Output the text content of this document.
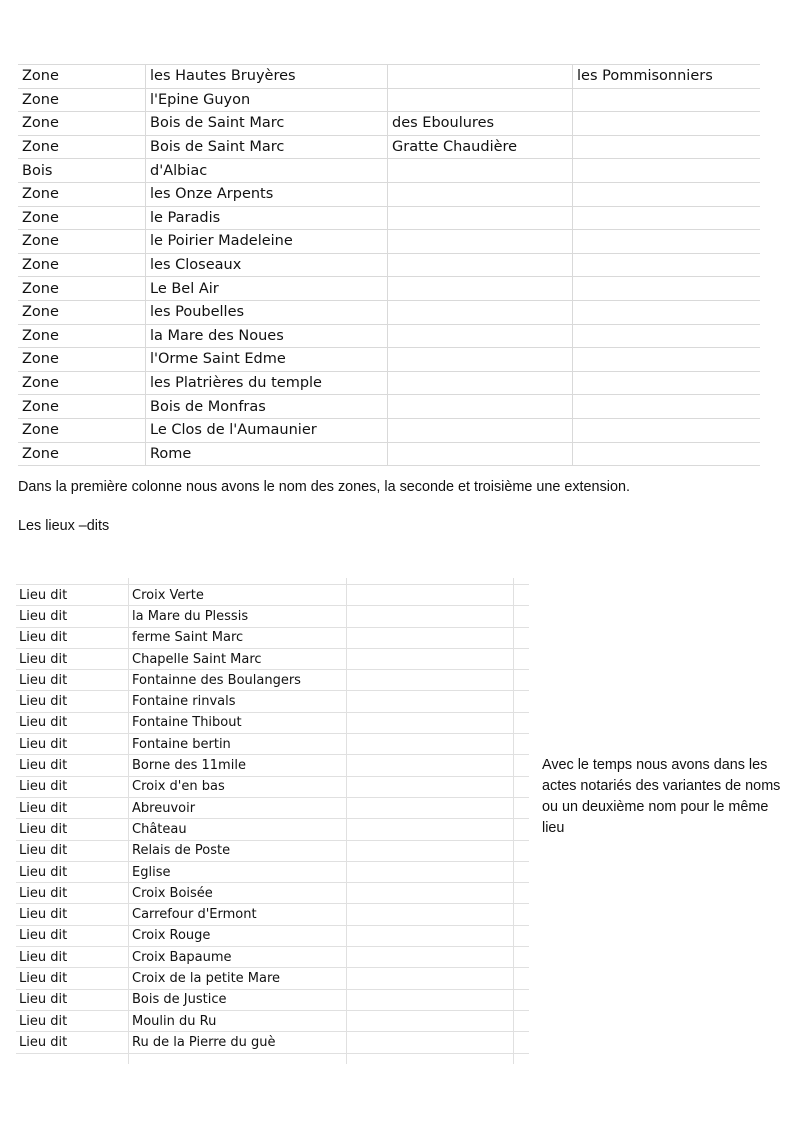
Zone	les Hautes Bruyères		les Pommisonniers
Zone	l'Epine Guyon		
Zone	Bois de Saint Marc	des Eboulures	
Zone	Bois de Saint Marc	Gratte Chaudière	
Bois	d'Albiac		
Zone	les Onze Arpents		
Zone	le Paradis		
Zone	le Poirier Madeleine		
Zone	les Closeaux		
Zone	Le Bel Air		
Zone	les Poubelles		
Zone	la Mare des Noues		
Zone	l'Orme Saint Edme		
Zone	les Platrières du temple		
Zone	Bois de Monfras		
Zone	Le Clos de l'Aumaunier		
Zone	Rome		
Dans la première colonne nous avons le nom des zones, la seconde et troisième une extension.
Les lieux –dits

Lieu dit	Croix Verte		
Lieu dit	la Mare du Plessis		
Lieu dit	ferme Saint Marc		
Lieu dit	Chapelle Saint Marc		
Lieu dit	Fontainne des Boulangers		
Lieu dit	Fontaine rinvals		
Lieu dit	Fontaine Thibout		
Lieu dit	Fontaine bertin		
Lieu dit	Borne des 11mile		
Lieu dit	Croix d'en bas		
Lieu dit	Abreuvoir		
Lieu dit	Château		
Lieu dit	Relais de Poste		
Lieu dit	Eglise		
Lieu dit	Croix Boisée		
Lieu dit	Carrefour d'Ermont		
Lieu dit	Croix Rouge		
Lieu dit	Croix Bapaume		
Lieu dit	Croix de la petite Mare		
Lieu dit	Bois de Justice		
Lieu dit	Moulin du Ru		
Lieu dit	Ru de la Pierre du guè		

Avec le temps nous avons dans les actes notariés des variantes de noms ou un deuxième nom pour le même lieu
